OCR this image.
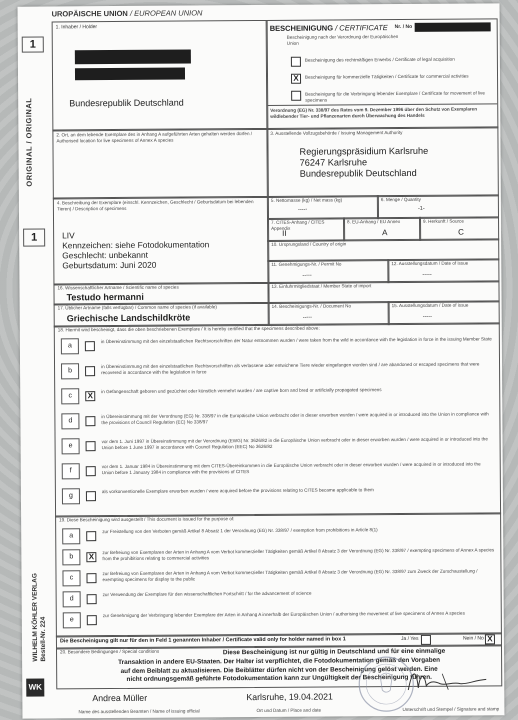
1
ORIGINAL / ORIGINAL
1
WILHELM KÖHLER VERLAG Bestell-Nr. 224
WK
UROPÄISCHE UNION / EUROPEAN UNION
1. Inhaber / Holder
Bundesrepublik Deutschland
BESCHEINIGUNG / CERTIFICATE Nr. / No
Bescheinigung nach der Verordnung der Europäischen Union
Bescheinigung des rechtmäßigen Erwerbs / Certificate of legal acquisition
X	Bescheinigung für kommerzielle Tätigkeiten / Certificate for commercial activities
Bescheinigung für die Verbringung lebender Exemplare / Certificate for movement of live specimens
Verordnung (EG) Nr. 338/97 des Rates vom 9. Dezember 1996 über den Schutz von Exemplaren wildlebender Tier- und Pflanzenarten durch Überwachung des Handels
2. Ort, an dem lebende Exemplare des in Anhang A aufgeführten Arten gehalten werden dürfen / Authorised location for live specimens of Annex A species
3. Ausstellende Vollzugsbehörde / Issuing Management Authority
Regierungspräsidium Karlsruhe
76247 Karlsruhe
Bundesrepublik Deutschland
4. Beschreibung der Exemplare (einschl. Kennzeichen, Geschlecht / Geburtsdatum bei lebenden Tieren) / Description of specimens
LIV
Kennzeichen: siehe Fotodokumentation
Geschlecht: unbekannt
Geburtsdatum: Juni 2020
5. Nettomasse (kg) / Net mass (kg)
-----
6. Menge / Quantity
-1-
7. CITES-Anhang / CITES Appendix
II
8. EU-Anhang / EU Annex
A
9. Herkunft / Source
C
10. Ursprungsland / Country of origin
11. Genehmigungs-Nr. / Permit No
-----
12. Ausstellungsdatum / Date of issue
-----
16. Wissenschaftlicher Artname / Scientific name of species
Testudo hermanni
13. Einfuhrmitgliedstaat / Member State of import
17. Üblicher Artname (falls verfügbar) / Common name of species (if available)
Griechische Landschildkröte
14. Bescheinigungs-Nr. / Document No
-----
15. Ausstellungsdatum / Date of issue
-----
18. Hiermit wird bescheinigt, dass die oben beschriebenen Exemplare / It is hereby certified that the specimens described above:
a
in Übereinstimmung mit den einzelstaatlichen Rechtsvorschriften der Natur entnommen wurden / were taken from the wild in accordance with the legislation in force in the issuing Member State
b
in Übereinstimmung mit den einzelstaatlichen Rechtsvorschriften als verlassene oder entwichene Tiere wieder eingefangen worden sind / are abandoned or escaped specimens that were recovered in accordance with the legislation in force
c	X
in Gefangenschaft geboren und gezüchtet oder künstlich vermehrt wurden / are captive born and bred or artificially propagated specimens
d
in Übereinstimmung mit der Verordnung (EG) Nr. 338/97 in die Europäische Union verbracht oder in dieser erworben wurden / were acquired in or introduced into the Union in compliance with the provisions of Council Regulation (EC) No 338/97
e
vor dem 1. Juni 1997 in Übereinstimmung mit der Verordnung (EWG) Nr. 3626/82 in die Europäische Union verbracht oder in dieser erworben wurden / were acquired in or introduced into the Union before 1 June 1997 in accordance with Council Regulation (EEC) No 3626/82
f
vor dem 1. Januar 1984 in Übereinstimmung mit dem CITES-Übereinkommen in die Europäische Union verbracht oder in dieser erworben wurden / were acquired in or introduced into the Union before 1 January 1984 in compliance with the provisions of CITES
g
als vorkonventionelle Exemplare erworben wurden / were acquired before the provisions relating to CITES became applicable to them
19. Diese Bescheinigung wird ausgestellt / This document is issued for the purpose of:
a
zur Freistellung von den Verboten gemäß Artikel 8 Absatz 1 der Verordnung (EG) Nr. 338/97 / exemption from prohibitions in Article 8(1)
b	X
zur Befreiung von Exemplaren der Arten in Anhang A vom Verbot kommerzieller Tätigkeiten gemäß Artikel 8 Absatz 3 der Verordnung (EG) Nr. 338/97 / exempting specimens of Annex A species from the prohibitions relating to commercial activities
c
zur Befreiung von Exemplaren der Arten in Anhang A vom Verbot kommerzieller Tätigkeiten gemäß Artikel 8 Absatz 3 der Verordnung (EG) Nr. 338/97 zum Zweck der Zurschaustellung / exempting specimens for display to the public
d
zur Verwendung der Exemplare für den wissenschaftlichen Fortschritt / for the advancement of science
e
zur Genehmigung der Verbringung lebender Exemplare der Arten in Anhang A innerhalb der Europäischen Union / authorising the movement of live specimens of Annex A species
Die Bescheinigung gilt nur für den in Feld 1 genannten Inhaber / Certificate valid only for holder named in box 1	Ja / Yes	Nein / No X
20. Besondere Bedingungen / Special conditions	Diese Bescheinigung ist nur gültig in Deutschland und für eine einmalige
Transaktion in andere EU-Staaten. Der Halter ist verpflichtet, die Fotodokumentation gemäß den Vorgaben
auf dem Beiblatt zu aktualisieren. Die Beiblätter dürfen nicht von der Bescheinigung gelöst werden. Eine
nicht ordnungsgemäß geführte Fotodokumentation kann zur Ungültigkeit der Bescheinigung führen.
Andrea Müller	Karlsruhe, 19.04.2021
Name des ausstellenden Beamten / Name of issuing official	Ort und Datum / Place and date	Unterschrift und Stempel / Signature and stamp
